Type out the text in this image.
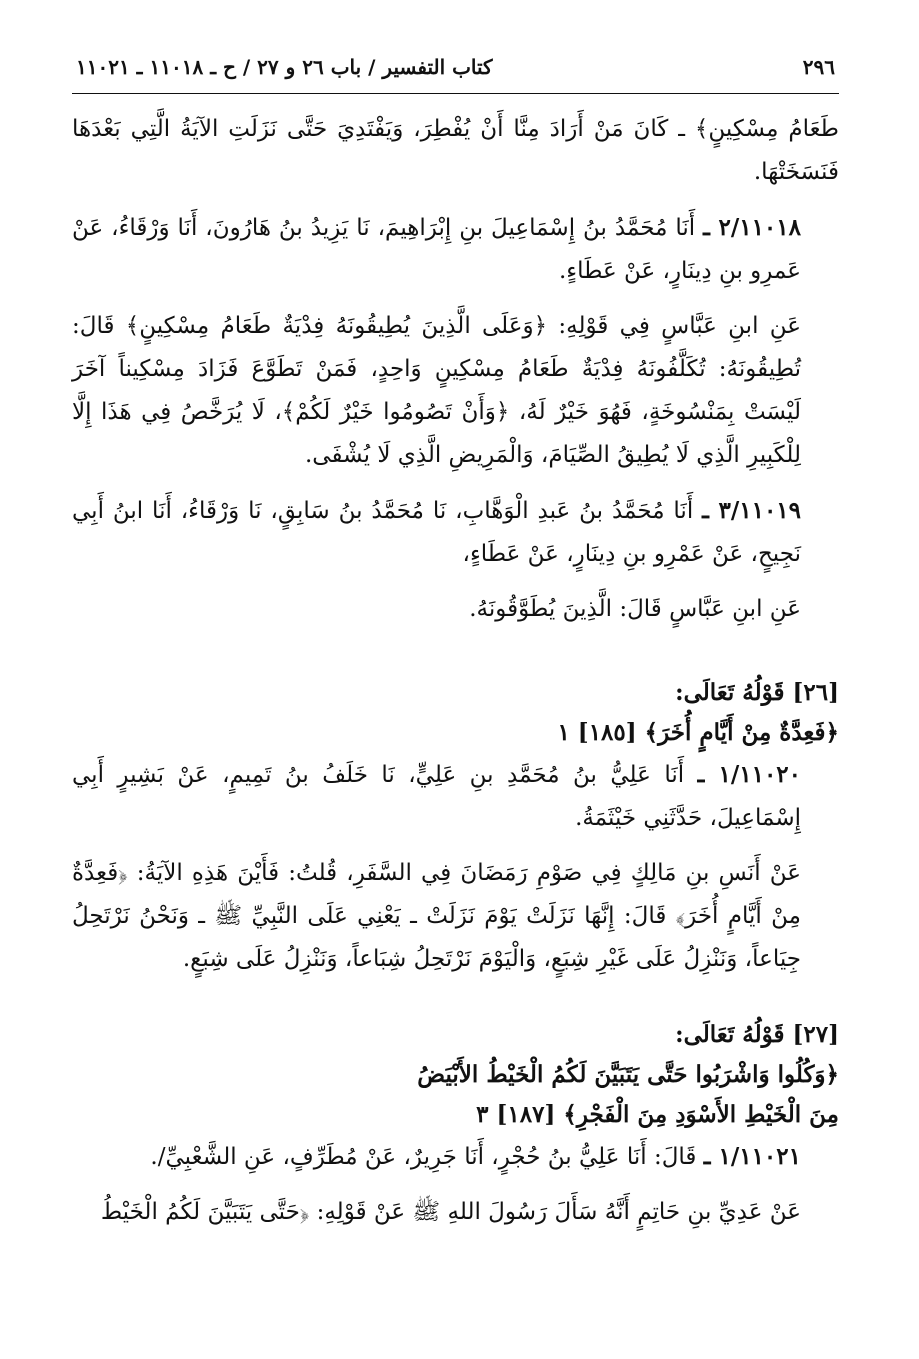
٢٩٦
كتاب التفسير / باب ٢٦ و ٢٧ / ح ـ ١١٠١٨ ـ ١١٠٢١

طَعَامُ مِسْكِينٍ﴾ ـ كَانَ مَنْ أَرَادَ مِنَّا أَنْ يُفْطِرَ، وَيَفْتَدِيَ حَتَّى نَزَلَتِ الآيَةُ الَّتِي بَعْدَهَا فَنَسَخَتْهَا.

٢/١١٠١٨ ـ أَنَا مُحَمَّدُ بنُ إِسْمَاعِيلَ بنِ إِبْرَاهِيمَ، نَا يَزِيدُ بنُ هَارُونَ، أَنَا وَرْقَاءُ، عَنْ عَمرِو بنِ دِينَارٍ، عَنْ عَطَاءٍ.

عَنِ ابنِ عَبَّاسٍ فِي قَوْلِهِ: ﴿وَعَلَى الَّذِينَ يُطِيقُونَهُ فِدْيَةٌ طَعَامُ مِسْكِينٍ﴾ قَالَ: تُطِيقُونَهُ: تُكَلَّفُونَهُ فِدْيَةٌ طَعَامُ مِسْكِينٍ وَاحِدٍ، فَمَنْ تَطَوَّعَ فَزَادَ مِسْكِيناً آخَرَ لَيْسَتْ بِمَنْسُوخَةٍ، فَهُوَ خَيْرٌ لَهُ، ﴿وَأَنْ تَصُومُوا خَيْرٌ لَكُمْ﴾، لَا يُرَخَّصُ فِي هَذَا إِلَّا لِلْكَبِيرِ الَّذِي لَا يُطِيقُ الصِّيَامَ، وَالْمَرِيضِ الَّذِي لَا يُشْفَى.

٣/١١٠١٩ ـ أَنَا مُحَمَّدُ بنُ عَبدِ الْوَهَّابِ، نَا مُحَمَّدُ بنُ سَابِقٍ، نَا وَرْقَاءُ، أَنَا ابنُ أَبِي نَجِيحٍ، عَنْ عَمْرِو بنِ دِينَارٍ، عَنْ عَطَاءٍ،

عَنِ ابنِ عَبَّاسٍ قَالَ: الَّذِينَ يُطَوَّقُونَهُ.

[٢٦] قَوْلُهُ تَعَالَى:

﴿فَعِدَّةٌ مِنْ أَيَّامٍ أُخَرَ﴾ [١٨٥] ١

١/١١٠٢٠ ـ أَنَا عَلِيُّ بنُ مُحَمَّدِ بنِ عَلِيٍّ، نَا خَلَفُ بنُ تَمِيمٍ، عَنْ بَشِيرٍ أَبِي إِسْمَاعِيلَ، حَدَّثَنِي خَيْثَمَةُ.

عَنْ أَنَسِ بنِ مَالِكٍ فِي صَوْمِ رَمَضَانَ فِي السَّفَرِ، قُلتُ: فَأَيْنَ هَذِهِ الآيَةُ: ﴿فَعِدَّةٌ مِنْ أَيَّامٍ أُخَرَ﴾ قَالَ: إِنَّهَا نَزَلَتْ يَوْمَ نَزَلَتْ ـ يَعْنِي عَلَى النَّبِيِّ ﷺ ـ وَنَحْنُ نَرْتَحِلُ جِيَاعاً، وَنَنْزِلُ عَلَى غَيْرِ شِبَعٍ، وَالْيَوْمَ نَرْتَحِلُ شِبَاعاً، وَنَنْزِلُ عَلَى شِبَعٍ.

[٢٧] قَوْلُهُ تَعَالَى:

﴿وَكُلُوا وَاشْرَبُوا حَتَّى يَتَبَيَّنَ لَكُمُ الْخَيْطُ الأَبْيَضُ

مِنَ الْخَيْطِ الأَسْوَدِ مِنَ الْفَجْرِ﴾ [١٨٧] ٣

١/١١٠٢١ ـ قَالَ: أَنَا عَلِيُّ بنُ حُجْرٍ، أَنَا جَرِيرٌ، عَنْ مُطَرِّفٍ، عَنِ الشَّعْبِيِّ/.

عَنْ عَدِيِّ بنِ حَاتِمٍ أَنَّهُ سَأَلَ رَسُولَ اللهِ ﷺ عَنْ قَوْلِهِ: ﴿حَتَّى يَتَبَيَّنَ لَكُمُ الْخَيْطُ
